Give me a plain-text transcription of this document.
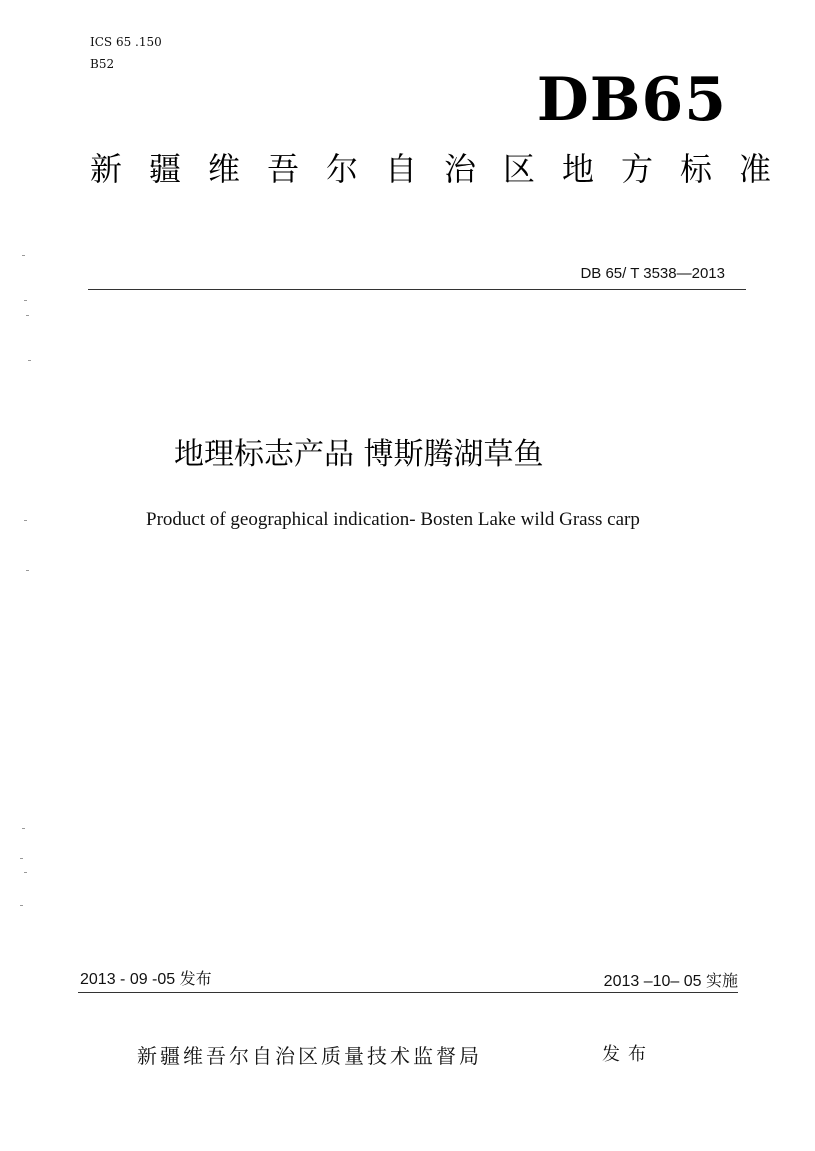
ICS 65 .150
B52
DB65
新疆维吾尔自治区地方标准
DB 65/ T 3538—2013
地理标志产品 博斯腾湖草鱼
Product of geographical indication- Bosten Lake wild Grass carp
2013 - 09 -05 发布	2013 –10– 05 实施
新疆维吾尔自治区质量技术监督局	发布
